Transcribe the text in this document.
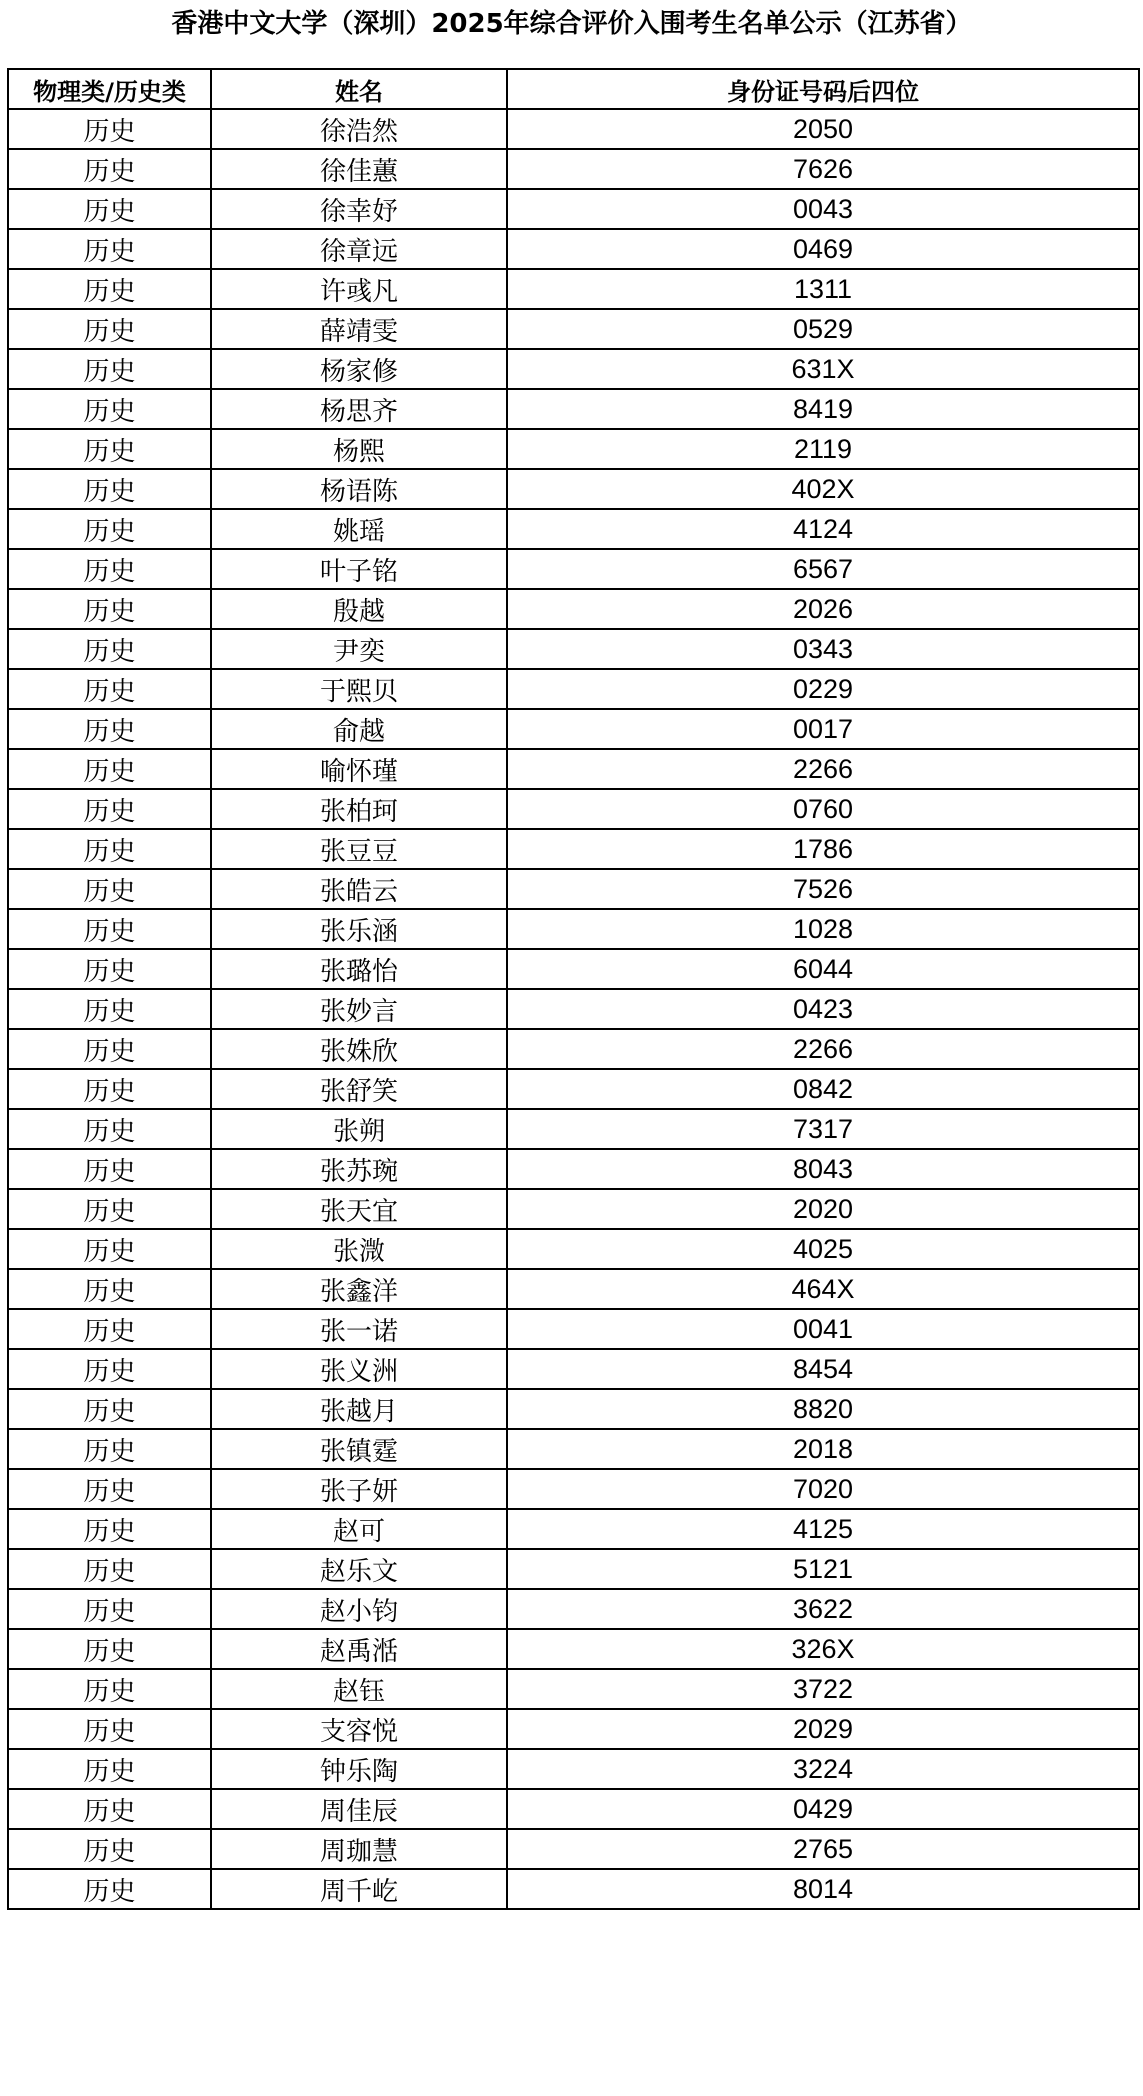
香港中文大学（深圳）2025年综合评价入围考生名单公示（江苏省）
物理类/历史类	姓名	身份证号码后四位
历史	徐浩然	2050
历史	徐佳蕙	7626
历史	徐幸妤	0043
历史	徐章远	0469
历史	许彧凡	1311
历史	薛靖雯	0529
历史	杨家修	631X
历史	杨思齐	8419
历史	杨熙	2119
历史	杨语陈	402X
历史	姚瑶	4124
历史	叶子铭	6567
历史	殷越	2026
历史	尹奕	0343
历史	于熙贝	0229
历史	俞越	0017
历史	喻怀瑾	2266
历史	张柏珂	0760
历史	张豆豆	1786
历史	张皓云	7526
历史	张乐涵	1028
历史	张璐怡	6044
历史	张妙言	0423
历史	张姝欣	2266
历史	张舒笑	0842
历史	张朔	7317
历史	张苏琬	8043
历史	张天宜	2020
历史	张溦	4025
历史	张鑫洋	464X
历史	张一诺	0041
历史	张义洲	8454
历史	张越月	8820
历史	张镇霆	2018
历史	张子妍	7020
历史	赵可	4125
历史	赵乐文	5121
历史	赵小钧	3622
历史	赵禹湉	326X
历史	赵钰	3722
历史	支容悦	2029
历史	钟乐陶	3224
历史	周佳辰	0429
历史	周珈慧	2765
历史	周千屹	8014
